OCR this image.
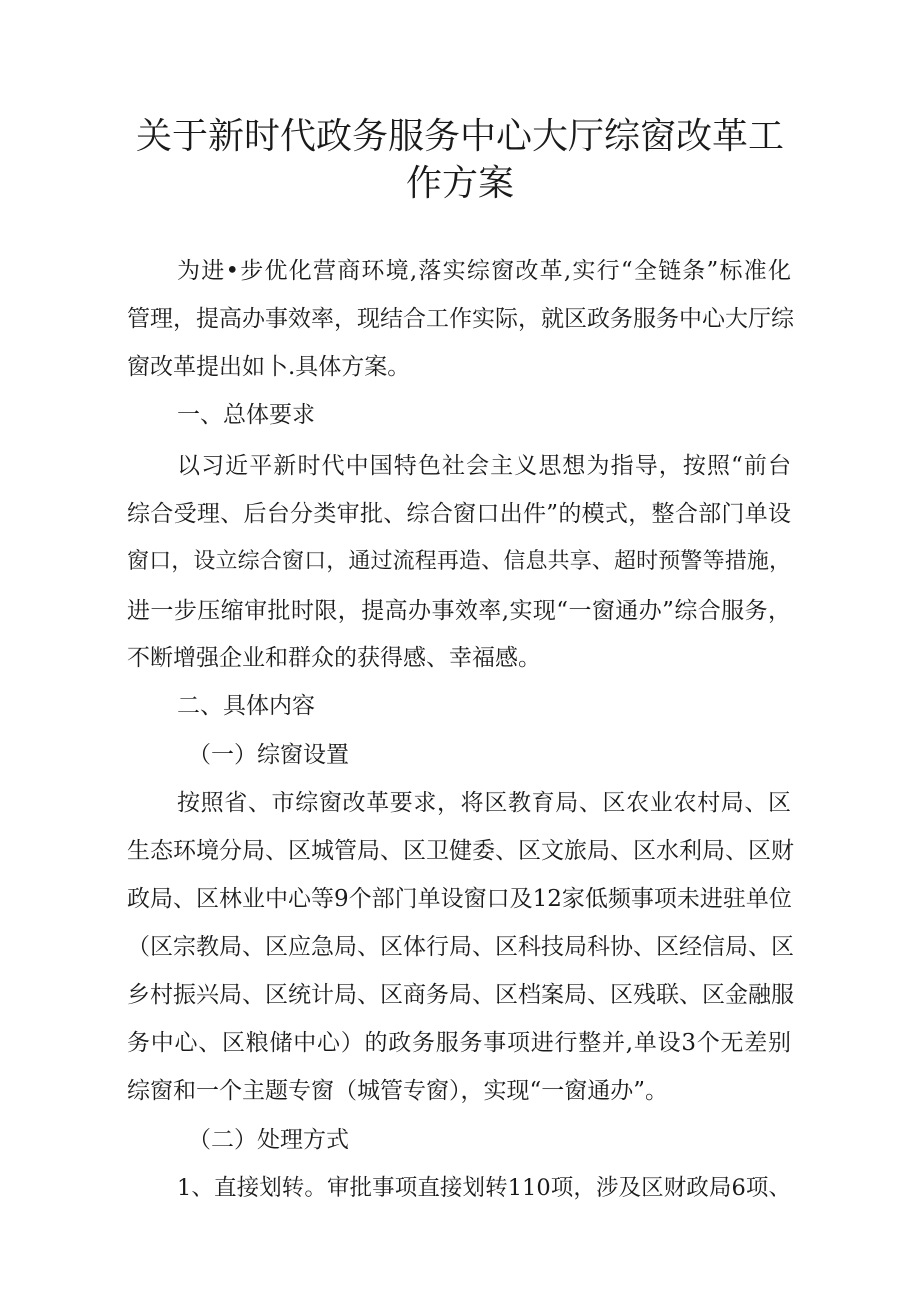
关于新时代政务服务中心大厅综窗改革工
作方案

为进•步优化营商环境,落实综窗改革,实行“全链条”标准化

管理，提高办事效率，现结合工作实际，就区政务服务中心大厅综

窗改革提出如卜.具体方案。

一、总体要求

以习近平新时代中国特色社会主义思想为指导，按照“前台

综合受理、后台分类审批、综合窗口出件”的模式，整合部门单设

窗口，设立综合窗口，通过流程再造、信息共享、超时预警等措施，

进一步压缩审批时限，提高办事效率,实现“一窗通办”综合服务，

不断增强企业和群众的获得感、幸福感。

二、具体内容

（一）综窗设置

按照省、市综窗改革要求，将区教育局、区农业农村局、区

生态环境分局、区城管局、区卫健委、区文旅局、区水利局、区财

政局、区林业中心等9个部门单设窗口及12家低频事项未进驻单位

（区宗教局、区应急局、区体行局、区科技局科协、区经信局、区

乡村振兴局、区统计局、区商务局、区档案局、区残联、区金融服

务中心、区粮储中心）的政务服务事项进行整并,单设3个无差别

综窗和一个主题专窗（城管专窗），实现“一窗通办”。

（二）处理方式

1、直接划转。审批事项直接划转110项，涉及区财政局6项、
